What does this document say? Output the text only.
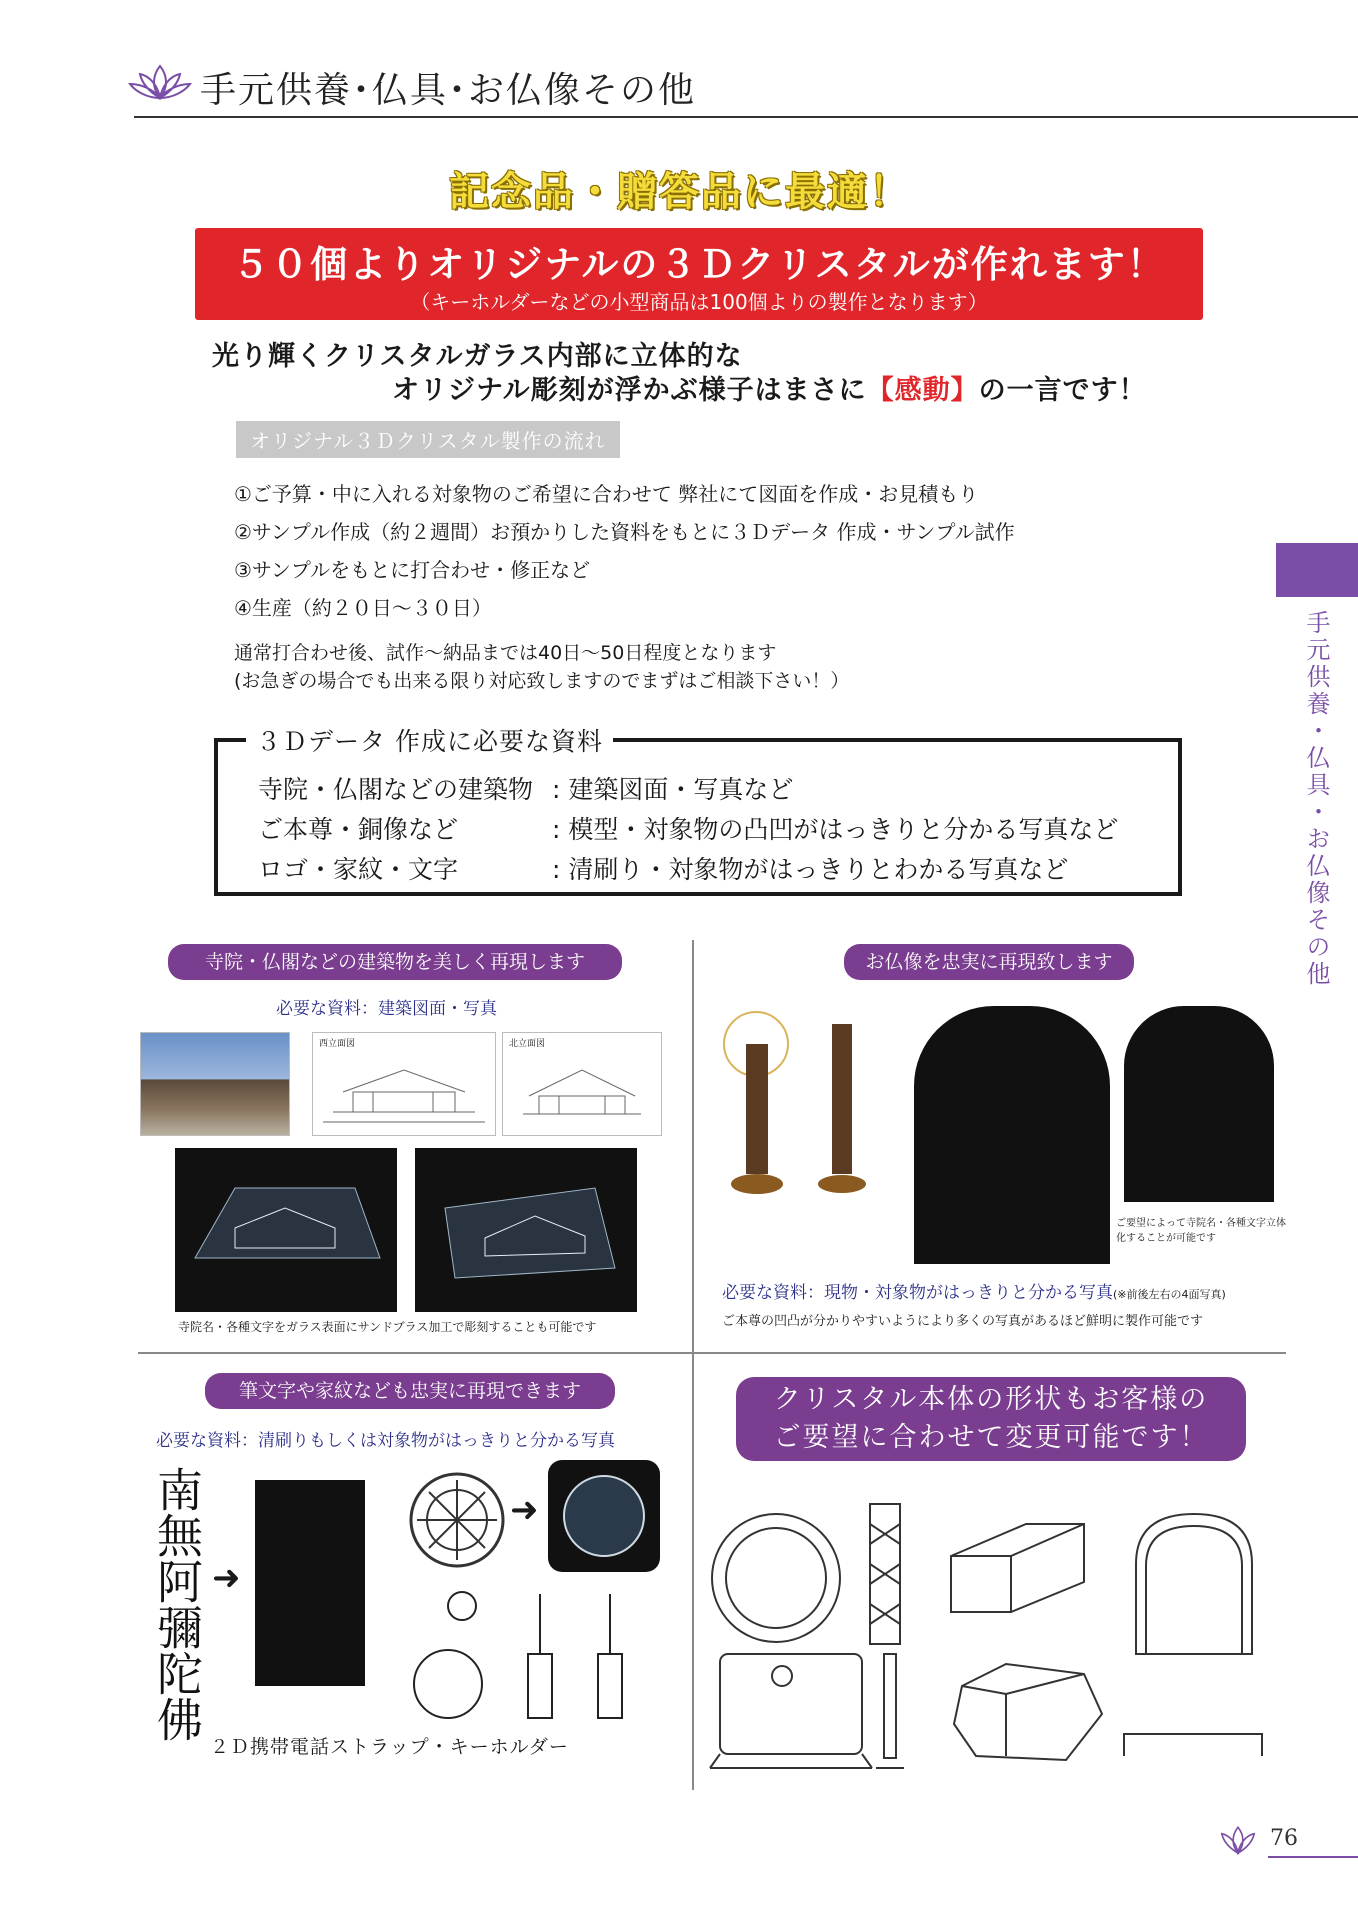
手元供養･仏具･お仏像その他
手元供養・仏具・お仏像その他
記念品・贈答品に最適！
５０個よりオリジナルの３Ｄクリスタルが作れます！
（キーホルダーなどの小型商品は100個よりの製作となります）
光り輝くクリスタルガラス内部に立体的な
オリジナル彫刻が浮かぶ様子はまさに【感動】の一言です！
オリジナル３Ｄクリスタル製作の流れ
①ご予算・中に入れる対象物のご希望に合わせて 弊社にて図面を作成・お見積もり
②サンプル作成（約２週間）お預かりした資料をもとに３Ｄデータ 作成・サンプル試作
③サンプルをもとに打合わせ・修正など
④生産（約２０日〜３０日）
通常打合わせ後、試作〜納品までは40日〜50日程度となります
(お急ぎの場合でも出来る限り対応致しますのでまずはご相談下さい！）
３Ｄデータ 作成に必要な資料
寺院・仏閣などの建築物 : 建築図面・写真など
ご本尊・銅像など	: 模型・対象物の凸凹がはっきりと分かる写真など
ロゴ・家紋・文字	: 清刷り・対象物がはっきりとわかる写真など
寺院・仏閣などの建築物を美しく再現します
必要な資料：建築図面・写真
西立面図	北立面図
寺院名・各種文字をガラス表面にサンドブラス加工で彫刻することも可能です
お仏像を忠実に再現致します
ご要望によって寺院名・各種文字立体化することが可能です
必要な資料：現物・対象物がはっきりと分かる写真(※前後左右の4面写真)
ご本尊の凹凸が分かりやすいようにより多くの写真があるほど鮮明に製作可能です
筆文字や家紋なども忠実に再現できます
必要な資料：清刷りもしくは対象物がはっきりと分かる写真
南無阿彌陀佛 ➜
➜
２Ｄ携帯電話ストラップ・キーホルダー
クリスタル本体の形状もお客様の
ご要望に合わせて変更可能です！
76
